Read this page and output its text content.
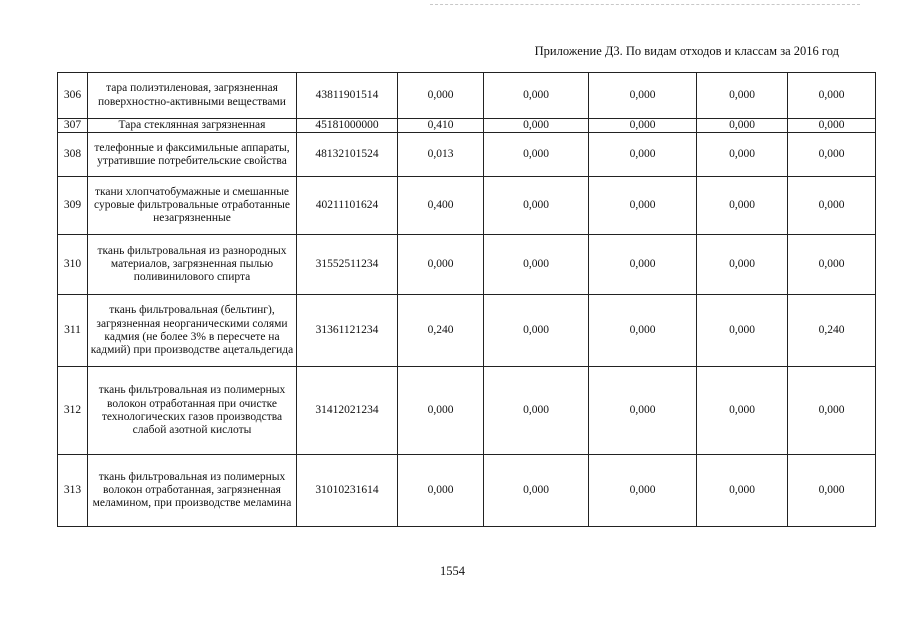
Приложение Д3. По видам отходов и классам за 2016 год
306	тара полиэтиленовая, загрязненная поверхностно-активными веществами	43811901514	0,000	0,000	0,000	0,000	0,000
307	Тара стеклянная загрязненная	45181000000	0,410	0,000	0,000	0,000	0,000
308	телефонные и факсимильные аппараты, утратившие потребительские свойства	48132101524	0,013	0,000	0,000	0,000	0,000
309	ткани хлопчатобумажные и смешанные суровые фильтровальные отработанные незагрязненные	40211101624	0,400	0,000	0,000	0,000	0,000
310	ткань фильтровальная из разнородных материалов, загрязненная пылью поливинилового спирта	31552511234	0,000	0,000	0,000	0,000	0,000
311	ткань фильтровальная (бельтинг), загрязненная неорганическими солями кадмия (не более 3% в пересчете на кадмий) при производстве ацетальдегида	31361121234	0,240	0,000	0,000	0,000	0,240
312	ткань фильтровальная из полимерных волокон отработанная при очистке технологических газов производства слабой азотной кислоты	31412021234	0,000	0,000	0,000	0,000	0,000
313	ткань фильтровальная из полимерных волокон отработанная, загрязненная меламином, при производстве меламина	31010231614	0,000	0,000	0,000	0,000	0,000
1554
